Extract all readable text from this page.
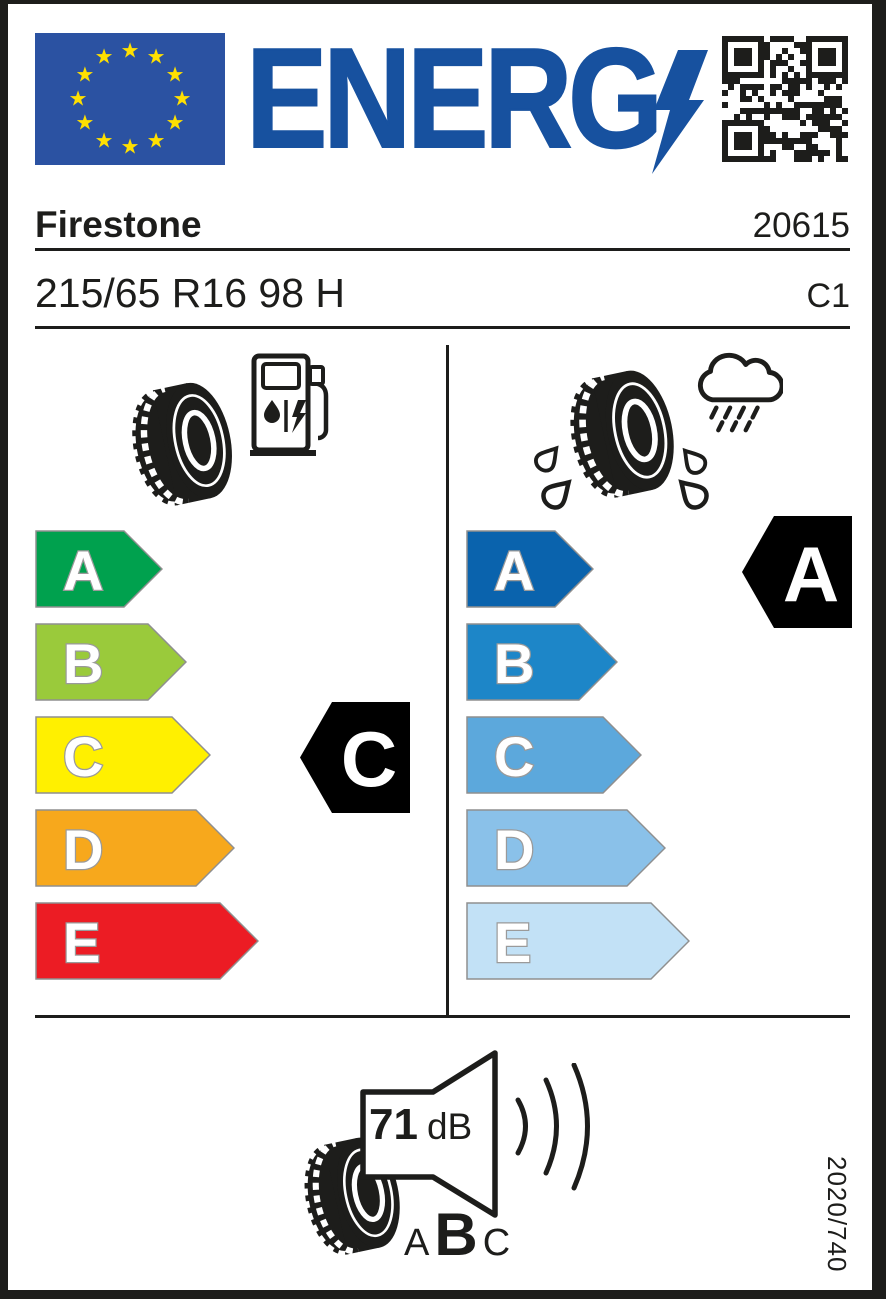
★ ★
★
★
★
★
★
★
★
★
★
★ ENERG
Firestone	20615
215/65 R16 98 H	C1
A
B
C
D
E
A
B
C
D
E
C
A
71 dB
A B C	2020/740
